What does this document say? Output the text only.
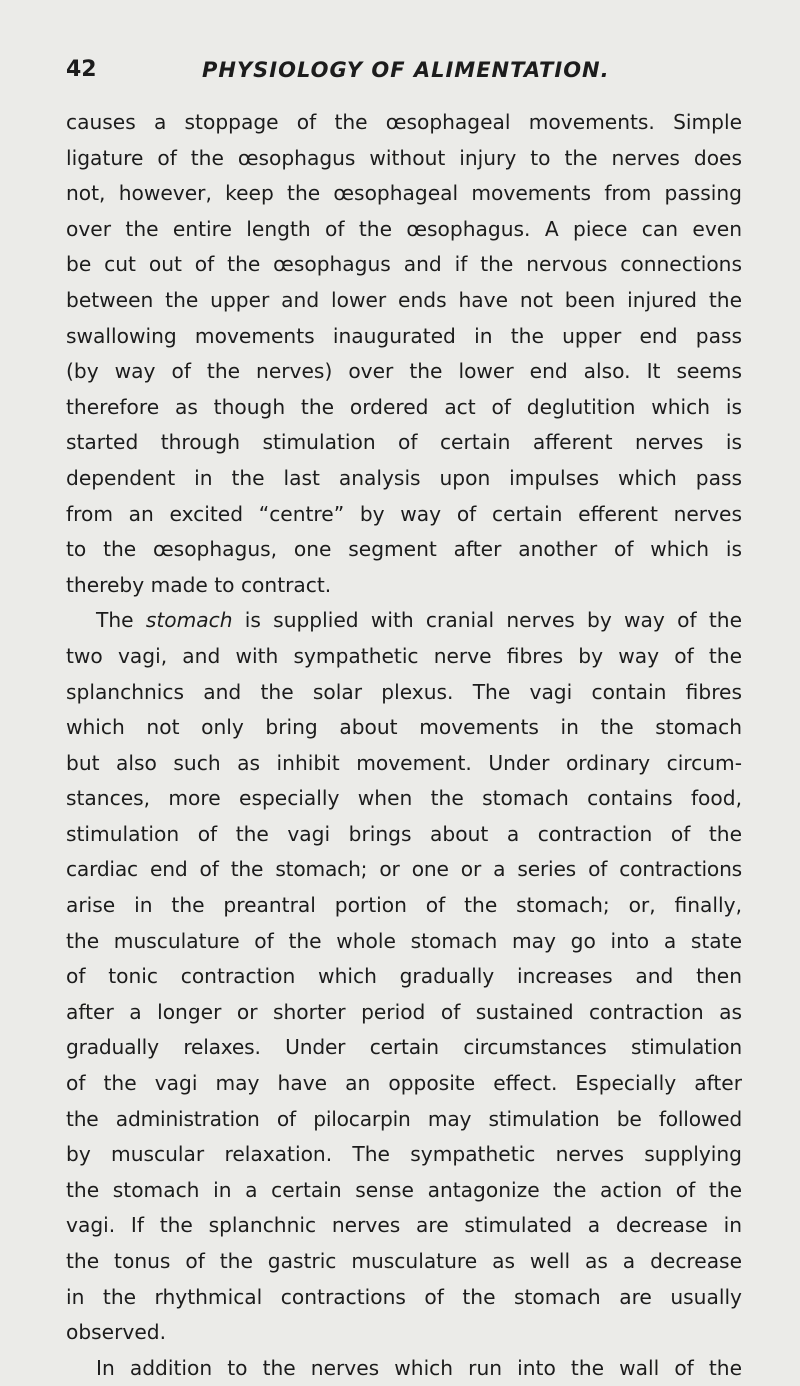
42	PHYSIOLOGY OF ALIMENTATION.
causes a stoppage of the œsophageal movements. Simple
ligature of the œsophagus without injury to the nerves does
not, however, keep the œsophageal movements from passing
over the entire length of the œsophagus. A piece can even
be cut out of the œsophagus and if the nervous connections
between the upper and lower ends have not been injured the
swallowing movements inaugurated in the upper end pass
(by way of the nerves) over the lower end also. It seems
therefore as though the ordered act of deglutition which is
started through stimulation of certain afferent nerves is
dependent in the last analysis upon impulses which pass
from an excited “centre” by way of certain efferent nerves
to the œsophagus, one segment after another of which is
thereby made to contract.
The stomach is supplied with cranial nerves by way of the
two vagi, and with sympathetic nerve fibres by way of the
splanchnics and the solar plexus. The vagi contain fibres
which not only bring about movements in the stomach
but also such as inhibit movement. Under ordinary circum-
stances, more especially when the stomach contains food,
stimulation of the vagi brings about a contraction of the
cardiac end of the stomach; or one or a series of contractions
arise in the preantral portion of the stomach; or, finally,
the musculature of the whole stomach may go into a state
of tonic contraction which gradually increases and then
after a longer or shorter period of sustained contraction as
gradually relaxes. Under certain circumstances stimulation
of the vagi may have an opposite effect. Especially after
the administration of pilocarpin may stimulation be followed
by muscular relaxation. The sympathetic nerves supplying
the stomach in a certain sense antagonize the action of the
vagi. If the splanchnic nerves are stimulated a decrease in
the tonus of the gastric musculature as well as a decrease
in the rhythmical contractions of the stomach are usually
observed.
In addition to the nerves which run into the wall of the
